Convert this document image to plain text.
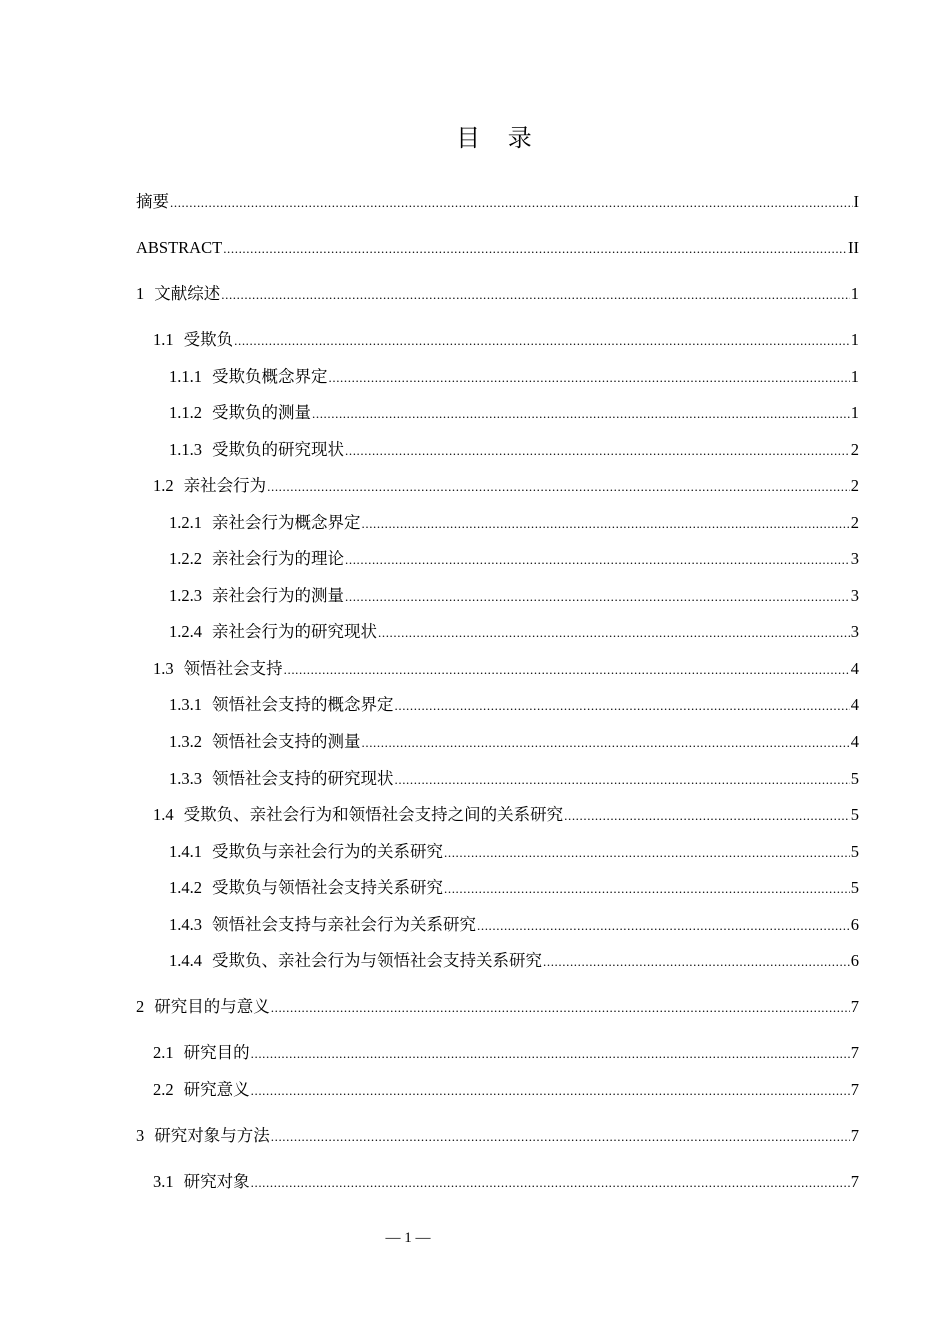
目 录
摘要 .....	I
ABSTRACT .....	II
1 文献综述 .....	1
1.1 受欺负 .....	1
1.1.1 受欺负概念界定 .....	1
1.1.2 受欺负的测量 .....	1
1.1.3 受欺负的研究现状 .....	2
1.2 亲社会行为 .....	2
1.2.1 亲社会行为概念界定 .....	2
1.2.2 亲社会行为的理论 .....	3
1.2.3 亲社会行为的测量 .....	3
1.2.4 亲社会行为的研究现状 .....	3
1.3 领悟社会支持 .....	4
1.3.1 领悟社会支持的概念界定 .....	4
1.3.2 领悟社会支持的测量 .....	4
1.3.3 领悟社会支持的研究现状 .....	5
1.4 受欺负、亲社会行为和领悟社会支持之间的关系研究 .....	5
1.4.1 受欺负与亲社会行为的关系研究 .....	5
1.4.2 受欺负与领悟社会支持关系研究 .....	5
1.4.3 领悟社会支持与亲社会行为关系研究 .....	6
1.4.4 受欺负、亲社会行为与领悟社会支持关系研究 .....	6
2 研究目的与意义 .....	7
2.1 研究目的 .....	7
2.2 研究意义 .....	7
3 研究对象与方法 .....	7
3.1 研究对象 .....	7
— 1 —
